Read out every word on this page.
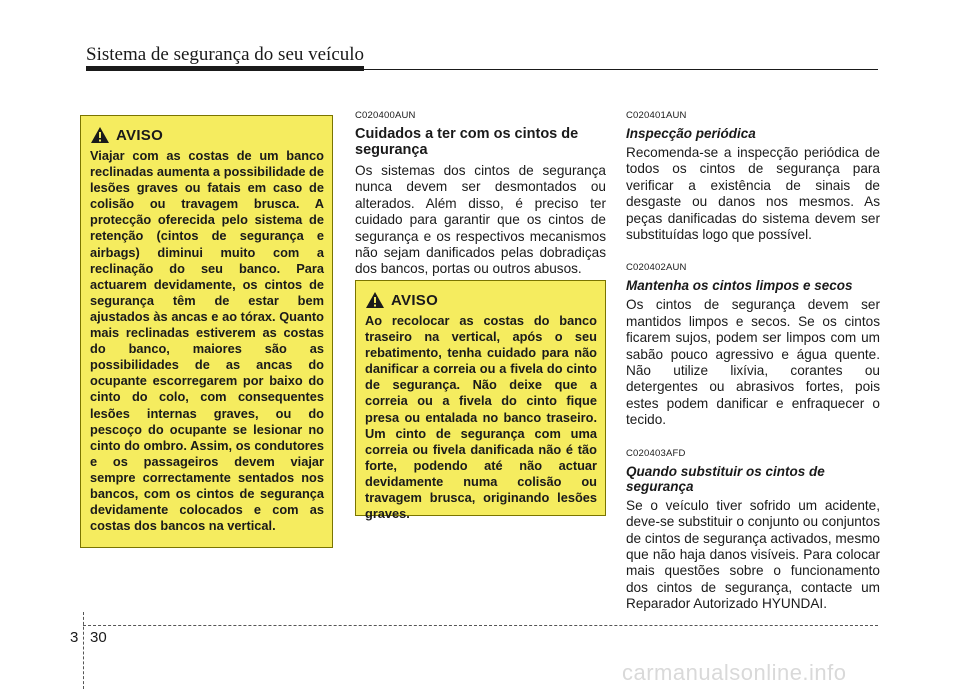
Sistema de segurança do seu veículo
AVISO
Viajar com as costas de um banco reclinadas aumenta a possibilidade de lesões graves ou fatais em caso de colisão ou travagem brusca. A protecção oferecida pelo sistema de retenção (cintos de segurança e airbags) diminui muito com a reclinação do seu banco. Para actuarem devidamente, os cintos de segurança têm de estar bem ajustados às ancas e ao tórax. Quanto mais reclinadas estiverem as costas do banco, maiores são as possibilidades de as ancas do ocupante escorregarem por baixo do cinto do colo, com consequentes lesões internas graves, ou do pescoço do ocupante se lesionar no cinto do ombro. Assim, os condutores e os passageiros devem viajar sempre correctamente sentados nos bancos, com os cintos de segurança devidamente colocados e com as costas dos bancos na vertical.
C020400AUN
Cuidados a ter com os cintos de segurança
Os sistemas dos cintos de segurança nunca devem ser desmontados ou alterados. Além disso, é preciso ter cuidado para garantir que os cintos de segurança e os respectivos mecanismos não sejam danificados pelas dobradiças dos bancos, portas ou outros abusos.
AVISO
Ao recolocar as costas do banco traseiro na vertical, após o seu rebatimento, tenha cuidado para não danificar a correia ou a fivela do cinto de segurança. Não deixe que a correia ou a fivela do cinto fique presa ou entalada no banco traseiro. Um cinto de segurança com uma correia ou fivela danificada não é tão forte, podendo até não actuar devidamente numa colisão ou travagem brusca, originando lesões graves.
C020401AUN
Inspecção periódica
Recomenda-se a inspecção periódica de todos os cintos de segurança para verificar a existência de sinais de desgaste ou danos nos mesmos. As peças danificadas do sistema devem ser substituídas logo que possível.
C020402AUN
Mantenha os cintos limpos e secos
Os cintos de segurança devem ser mantidos limpos e secos. Se os cintos ficarem sujos, podem ser limpos com um sabão pouco agressivo e água quente. Não utilize lixívia, corantes ou detergentes ou abrasivos fortes, pois estes podem danificar e enfraquecer o tecido.
C020403AFD
Quando substituir os cintos de segurança
Se o veículo tiver sofrido um acidente, deve-se substituir o conjunto ou conjuntos de cintos de segurança activados, mesmo que não haja danos visíveis. Para colocar mais questões sobre o funcionamento dos cintos de segurança, contacte um Reparador Autorizado HYUNDAI.
3 30
carmanualsonline.info
